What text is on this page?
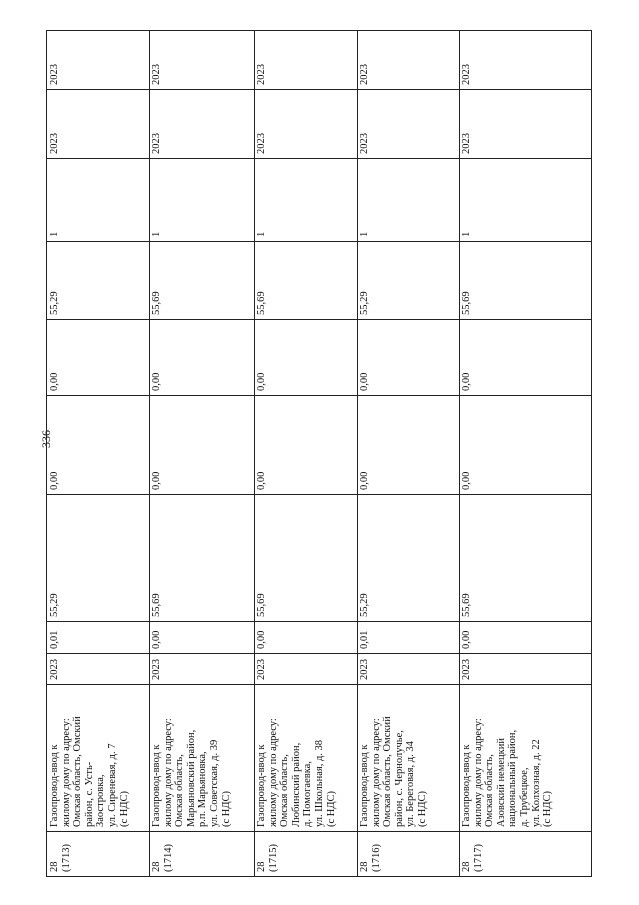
336
2023
2023
1
55,29
0,00
0,00
55,29
0,01
2023
Газопровод-ввод к
жилому дому по адресу:
Омская область, Омский
район, с. Усть-
Заостровка,
ул. Сиреневая, д. 7
(с НДС)
28
(1713)
2023
2023
1
55,69
0,00
0,00
55,69
0,00
2023
Газопровод-ввод к
жилому дому по адресу:
Омская область,
Марьяновский район,
р.п. Марьяновка,
ул. Советская, д. 39
(с НДС)
28
(1714)
2023
2023
1
55,69
0,00
0,00
55,69
0,00
2023
Газопровод-ввод к
жилому дому по адресу:
Омская область,
Любинский район,
д. Помогаевка,
ул. Школьная, д. 38
(с НДС)
28
(1715)
2023
2023
1
55,29
0,00
0,00
55,29
0,01
2023
Газопровод-ввод к
жилому дому по адресу:
Омская область, Омский
район, с. Чернолучье,
ул. Береговая, д. 34
(с НДС)
28
(1716)
2023
2023
1
55,69
0,00
0,00
55,69
0,00
2023
Газопровод-ввод к
жилому дому по адресу:
Омская область,
Азовский немецкий
национальный район,
д. Трубецкое,
ул. Колхозная, д. 22
(с НДС)
28
(1717)
